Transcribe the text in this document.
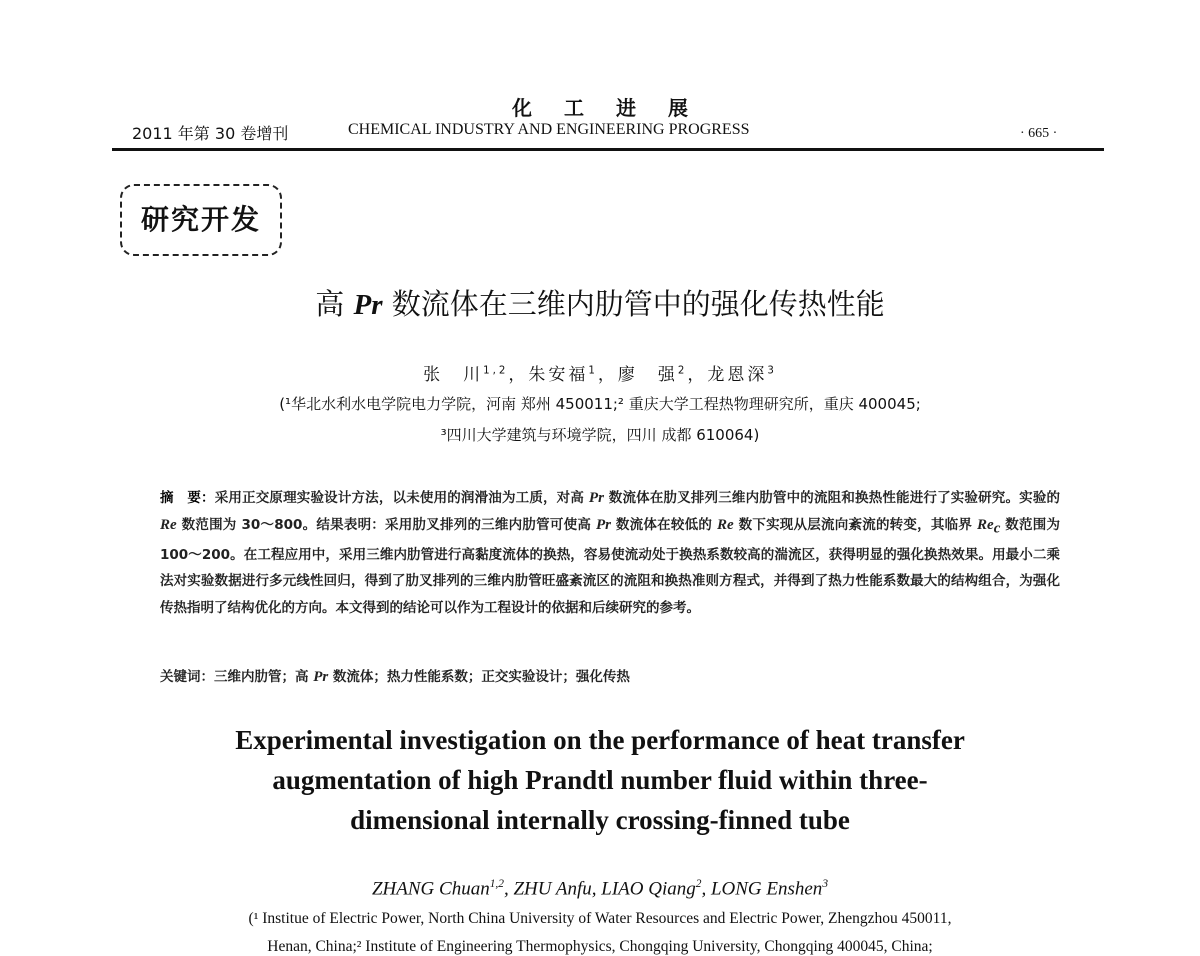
化工进展
2011 年第 30 卷增刊	CHEMICAL INDUSTRY AND ENGINEERING PROGRESS	· 665 ·
研究开发
高 Pr 数流体在三维内肋管中的强化传热性能
张　川$^{1,2}$，朱安福$^1$，廖　强$^2$，龙恩深$^3$
(¹华北水利水电学院电力学院，河南 郑州 450011;² 重庆大学工程热物理研究所，重庆 400045;
³四川大学建筑与环境学院，四川 成都 610064)
摘　要：采用正交原理实验设计方法，以未使用的润滑油为工质，对高 Pr 数流体在肋叉排列三维内肋管中的流阻和换热性能进行了实验研究。实验的 Re 数范围为 30～800。结果表明：采用肋叉排列的三维内肋管可使高 Pr 数流体在较低的 Re 数下实现从层流向紊流的转变，其临界 $Re_c$ 数范围为 100～200。在工程应用中，采用三维内肋管进行高黏度流体的换热，容易使流动处于换热系数较高的湍流区，获得明显的强化换热效果。用最小二乘法对实验数据进行多元线性回归，得到了肋叉排列的三维内肋管旺盛紊流区的流阻和换热准则方程式，并得到了热力性能系数最大的结构组合，为强化传热指明了结构优化的方向。本文得到的结论可以作为工程设计的依据和后续研究的参考。
关键词：三维内肋管；高 Pr 数流体；热力性能系数；正交实验设计；强化传热
Experimental investigation on the performance of heat transfer
augmentation of high Prandtl number fluid within three-
dimensional internally crossing-finned tube
ZHANG Chuan$^{1,2}$, ZHU Anfu, LIAO Qiang$^2$, LONG Enshen$^3$
(¹ Institue of Electric Power, North China University of Water Resources and Electric Power, Zhengzhou 450011,
Henan, China;² Institute of Engineering Thermophysics, Chongqing University, Chongqing 400045, China;
